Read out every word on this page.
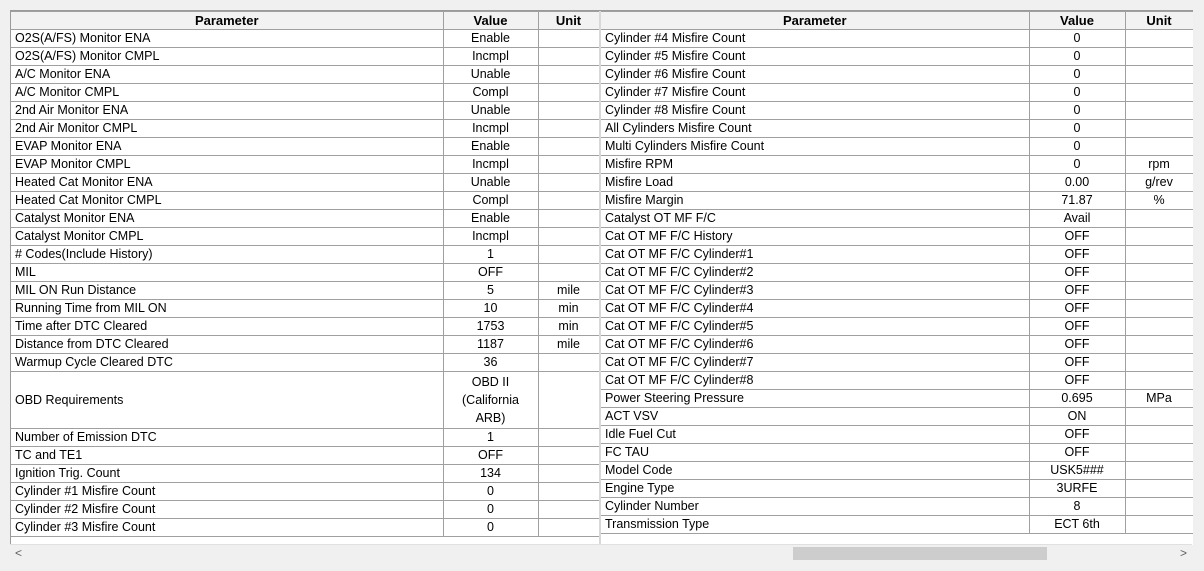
Parameter	Value	Unit
O2S(A/FS) Monitor ENA	Enable	
O2S(A/FS) Monitor CMPL	Incmpl	
A/C Monitor ENA	Unable	
A/C Monitor CMPL	Compl	
2nd Air Monitor ENA	Unable	
2nd Air Monitor CMPL	Incmpl	
EVAP Monitor ENA	Enable	
EVAP Monitor CMPL	Incmpl	
Heated Cat Monitor ENA	Unable	
Heated Cat Monitor CMPL	Compl	
Catalyst Monitor ENA	Enable	
Catalyst Monitor CMPL	Incmpl	
# Codes(Include History)	1	
MIL	OFF	
MIL ON Run Distance	5	mile
Running Time from MIL ON	10	min
Time after DTC Cleared	1753	min
Distance from DTC Cleared	1187	mile
Warmup Cycle Cleared DTC	36	
OBD Requirements	OBD II (California ARB)	
Number of Emission DTC	1	
TC and TE1	OFF	
Ignition Trig. Count	134	
Cylinder #1 Misfire Count	0	
Cylinder #2 Misfire Count	0	
Cylinder #3 Misfire Count	0	
Parameter	Value	Unit
Cylinder #4 Misfire Count	0	
Cylinder #5 Misfire Count	0	
Cylinder #6 Misfire Count	0	
Cylinder #7 Misfire Count	0	
Cylinder #8 Misfire Count	0	
All Cylinders Misfire Count	0	
Multi Cylinders Misfire Count	0	
Misfire RPM	0	rpm
Misfire Load	0.00	g/rev
Misfire Margin	71.87	%
Catalyst OT MF F/C	Avail	
Cat OT MF F/C History	OFF	
Cat OT MF F/C Cylinder#1	OFF	
Cat OT MF F/C Cylinder#2	OFF	
Cat OT MF F/C Cylinder#3	OFF	
Cat OT MF F/C Cylinder#4	OFF	
Cat OT MF F/C Cylinder#5	OFF	
Cat OT MF F/C Cylinder#6	OFF	
Cat OT MF F/C Cylinder#7	OFF	
Cat OT MF F/C Cylinder#8	OFF	
Power Steering Pressure	0.695	MPa
ACT VSV	ON	
Idle Fuel Cut	OFF	
FC TAU	OFF	
Model Code	USK5###	
Engine Type	3URFE	
Cylinder Number	8	
Transmission Type	ECT 6th	
<	>
